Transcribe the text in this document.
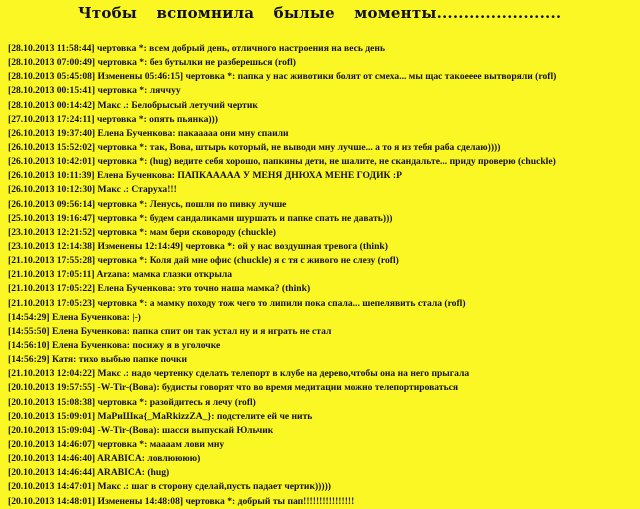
Чтобы вспомнила былые моменты.......................
[28.10.2013 11:58:44] чертовка *: всем добрый день, отличного настроения на весь день
[28.10.2013 07:00:49] чертовка *: без бутылки не разберешься (rofl)
[28.10.2013 05:45:08] Изменены 05:46:15] чертовка *: папка у нас животики болят от смеха... мы щас такоееее вытворяли (rofl)
[28.10.2013 00:15:41] чертовка *: ляччуу
[28.10.2013 00:14:42] Макс .: Белобрысый летучий чертик
[27.10.2013 17:24:11] чертовка *: опять пьянка)))
[26.10.2013 19:37:40] Елена Бученкова: пакааааа они мну спаили
[26.10.2013 15:52:02] чертовка *: так, Вова, штырь который, не выводи мну лучше... а то я из тебя раба сделаю))))
[26.10.2013 10:42:01] чертовка *: (hug) ведите себя хорошо, папкины дети, не шалите, не скандальте... приду проверю (chuckle)
[26.10.2013 10:11:39] Елена Бученкова: ПАПКААААА У МЕНЯ ДНЮХА МЕНЕ ГОДИК :Р
[26.10.2013 10:12:30] Макс .: Старуха!!!
[26.10.2013 09:56:14] чертовка *: Ленусь, пошли по пивку лучше
[25.10.2013 19:16:47] чертовка *: будем сандаликами шуршать и папке спать не давать)))
[23.10.2013 12:21:52] чертовка *: мам бери сковороду (chuckle)
[23.10.2013 12:14:38] Изменены 12:14:49] чертовка *: ой у нас воздушная тревога (think)
[21.10.2013 17:55:28] чертовка *: Коля дай мне офис (chuckle) я с тя с живого не слезу (rofl)
[21.10.2013 17:05:11] Arzana: мамка глазки открыла
[21.10.2013 17:05:22] Елена Бученкова: это точно наша мамка? (think)
[21.10.2013 17:05:23] чертовка *: а мамку походу тож чего то липили пока спала... шепелявить стала (rofl)
[14:54:29] Елена Бученкова: |-)
[14:55:50] Елена Бученкова: папка спит он так устал ну и я играть не стал
[14:56:10] Елена Бученкова: посижу я в уголочке
[14:56:29] Катя: тихо выбью папке почки
[21.10.2013 12:04:22] Макс .: надо чертенку сделать телепорт в клубе на дерево,чтобы она на него прыгала
[20.10.2013 19:57:55] -W-Tir-(Вова): будисты говорят что во время медитации можно телепортироваться
[20.10.2013 15:08:38] чертовка *: разойдитесь я лечу (rofl)
[20.10.2013 15:09:01] МаРиШка{_MaRkizzZA_}: подстелите ей че нить
[20.10.2013 15:09:04] -W-Tir-(Вова): шасси выпускай Юльчик
[20.10.2013 14:46:07] чертовка *: маааам лови мну
[20.10.2013 14:46:40] ARABICA: ловлюююю)
[20.10.2013 14:46:44] ARABICA: (hug)
[20.10.2013 14:47:01] Макс .: шаг в сторону сделай,пусть падает чертик)))))
[20.10.2013 14:48:01] Изменены 14:48:08] чертовка *: добрый ты пап!!!!!!!!!!!!!!!!
